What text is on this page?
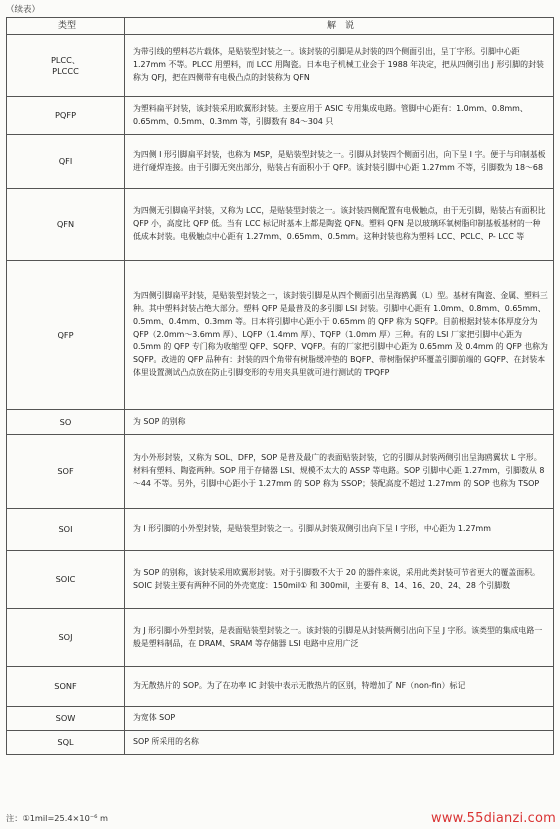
（续表）
类型	解　说
PLCC、
PLCCC	为带引线的塑料芯片载体，是贴装型封装之一。该封装的引脚是从封装的四个侧面引出，呈丁字形。引脚中心距 1.27mm 不等。PLCC 用塑料，而 LCC 用陶瓷。日本电子机械工业会于 1988 年决定，把从四侧引出 J 形引脚的封装称为 QFJ，把在四侧带有电极凸点的封装称为 QFN
PQFP	为塑料扁平封装，该封装采用欧翼形封装。主要应用于 ASIC 专用集成电路。管脚中心距有：1.0mm、0.8mm、0.65mm、0.5mm、0.3mm 等，引脚数有 84～304 只
QFI	为四侧 I 形引脚扁平封装，也称为 MSP，是贴装型封装之一。引脚从封装四个侧面引出，向下呈 I 字。便于与印制基板进行碰焊连接。由于引脚无突出部分，贴装占有面积小于 QFP。该封装引脚中心距 1.27mm 不等，引脚数为 18～68
QFN	为四侧无引脚扁平封装，又称为 LCC，是贴装型封装之一。该封装四侧配置有电极触点，由于无引脚，贴装占有面积比 QFP 小，高度比 QFP 低。当有 LCC 标记时基本上都是陶瓷 QFN。塑料 QFN 是以玻璃环氧树脂印制基板基材的一种低成本封装。电极触点中心距有 1.27mm、0.65mm、0.5mm。这种封装也称为塑料 LCC、PCLC、P- LCC 等
QFP	为四侧引脚扁平封装，是贴装型封装之一，该封装引脚是从四个侧面引出呈海鸥翼（L）型。基材有陶瓷、金属、塑料三种。其中塑料封装占绝大部分。塑料 QFP 是最普及的多引脚 LSI 封装。引脚中心距有 1.0mm、0.8mm、0.65mm、0.5mm、0.4mm、0.3mm 等。日本将引脚中心距小于 0.65mm 的 QFP 称为 SQFP。目前根据封装本体厚度分为 QFP（2.0mm～3.6mm 厚）、LQFP（1.4mm 厚）、TQFP（1.0mm 厚）三种。有的 LSI 厂家把引脚中心距为 0.5mm 的 QFP 专门称为收缩型 QFP、SQFP、VQFP。有的厂家把引脚中心距为 0.65mm 及 0.4mm 的 QFP 也称为 SQFP。改进的 QFP 品种有：封装的四个角带有树脂缓冲垫的 BQFP、带树脂保护环覆盖引脚前端的 GQFP、在封装本体里设置测试凸点放在防止引脚变形的专用夹具里就可进行测试的 TPQFP
SO	为 SOP 的别称
SOF	为小外形封装，又称为 SOL、DFP，SOP 是普及最广的表面贴装封装，它的引脚从封装两侧引出呈海鸥翼状 L 字形。材料有塑料、陶瓷两种。SOP 用于存储器 LSI、规模不太大的 ASSP 等电路。SOP 引脚中心距 1.27mm，引脚数从 8～44 不等。另外，引脚中心距小于 1.27mm 的 SOP 称为 SSOP；装配高度不超过 1.27mm 的 SOP 也称为 TSOP
SOI	为 I 形引脚的小外型封装，是贴装型封装之一。引脚从封装双侧引出向下呈 I 字形，中心距为 1.27mm
SOIC	为 SOP 的别称，该封装采用欧翼形封装。对于引脚数不大于 20 的器件来说，采用此类封装可节省更大的覆盖面积。SOIC 封装主要有两种不同的外壳宽度：150mil① 和 300mil，主要有 8、14、16、20、24、28 个引脚数
SOJ	为 J 形引脚小外型封装，是表面贴装型封装之一。该封装的引脚是从封装两侧引出向下呈 J 字形。该类型的集成电路一般是塑料制品，在 DRAM、SRAM 等存储器 LSI 电路中应用广泛
SONF	为无散热片的 SOP。为了在功率 IC 封装中表示无散热片的区别，特增加了 NF（non-fin）标记
SOW	为宽体 SOP
SQL	SOP 所采用的名称
注：①1mil=25.4×10⁻⁶ m	www.55dianzi.com
